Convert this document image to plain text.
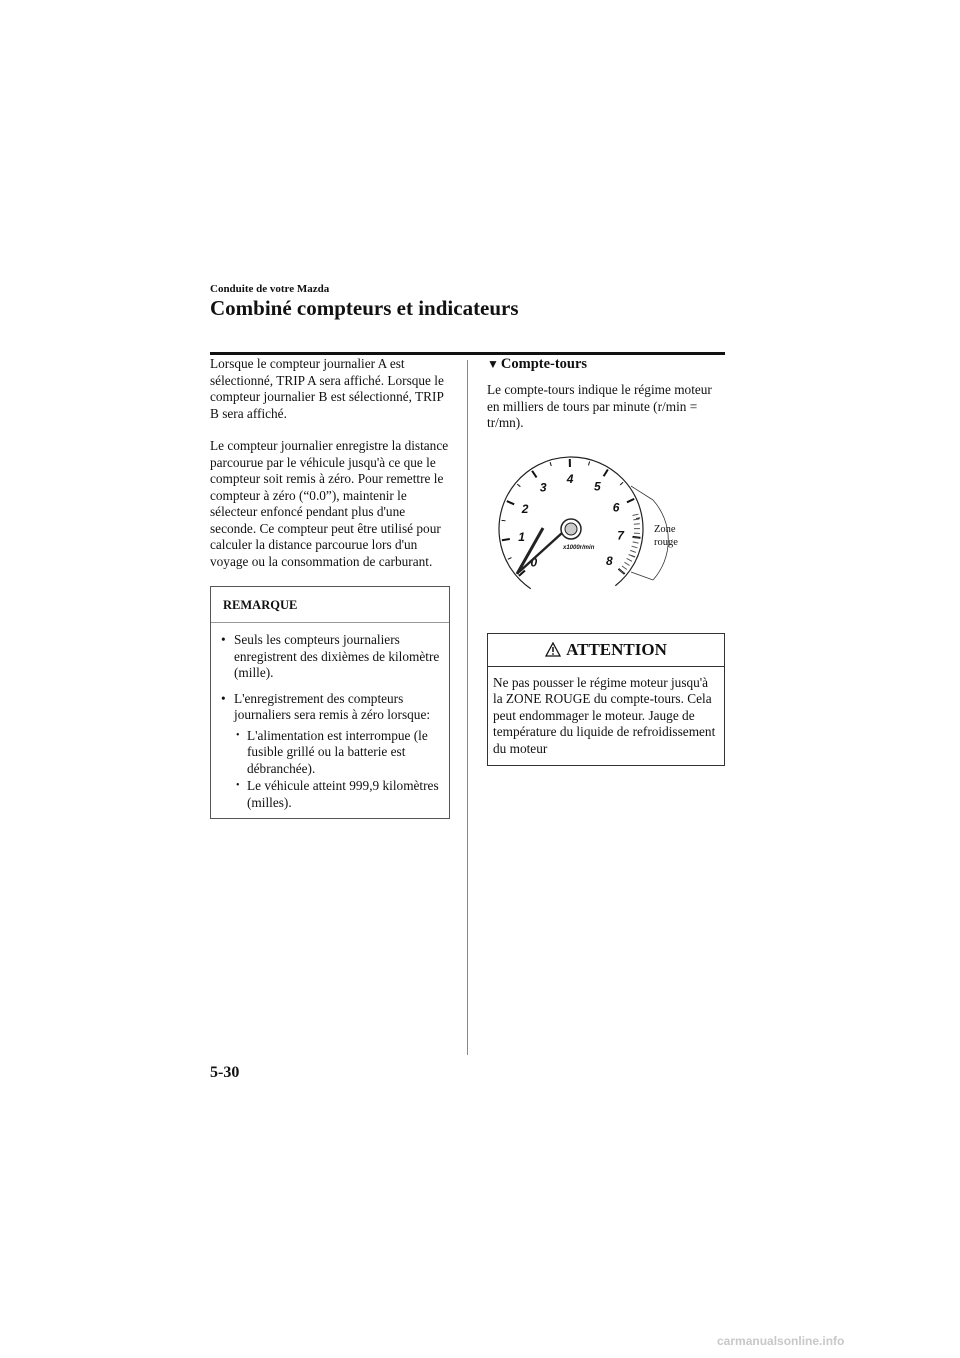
Conduite de votre Mazda
Combiné compteurs et indicateurs

Lorsque le compteur journalier A est sélectionné, TRIP A sera affiché. Lorsque le compteur journalier B est sélectionné, TRIP B sera affiché.

Le compteur journalier enregistre la distance parcourue par le véhicule jusqu'à ce que le compteur soit remis à zéro. Pour remettre le compteur à zéro (“0.0”), maintenir le sélecteur enfoncé pendant plus d'une seconde. Ce compteur peut être utilisé pour calculer la distance parcourue lors d'un voyage ou la consommation de carburant.

REMARQUE
• Seuls les compteurs journaliers enregistrent des dixièmes de kilomètre (mille).
• L'enregistrement des compteurs journaliers sera remis à zéro lorsque:
• L'alimentation est interrompue (le fusible grillé ou la batterie est débranchée).
• Le véhicule atteint 999,9 kilomètres (milles).
▼ Compte-tours

Le compte-tours indique le régime moteur en milliers de tours par minute (r/min = tr/mn).

0
1
2
3
4
5
6
7
8
x1000r/min
Zone
rouge
ATTENTION
Ne pas pousser le régime moteur jusqu'à la ZONE ROUGE du compte-tours. Cela peut endommager le moteur. Jauge de température du liquide de refroidissement du moteur
5-30
carmanualsonline.info
